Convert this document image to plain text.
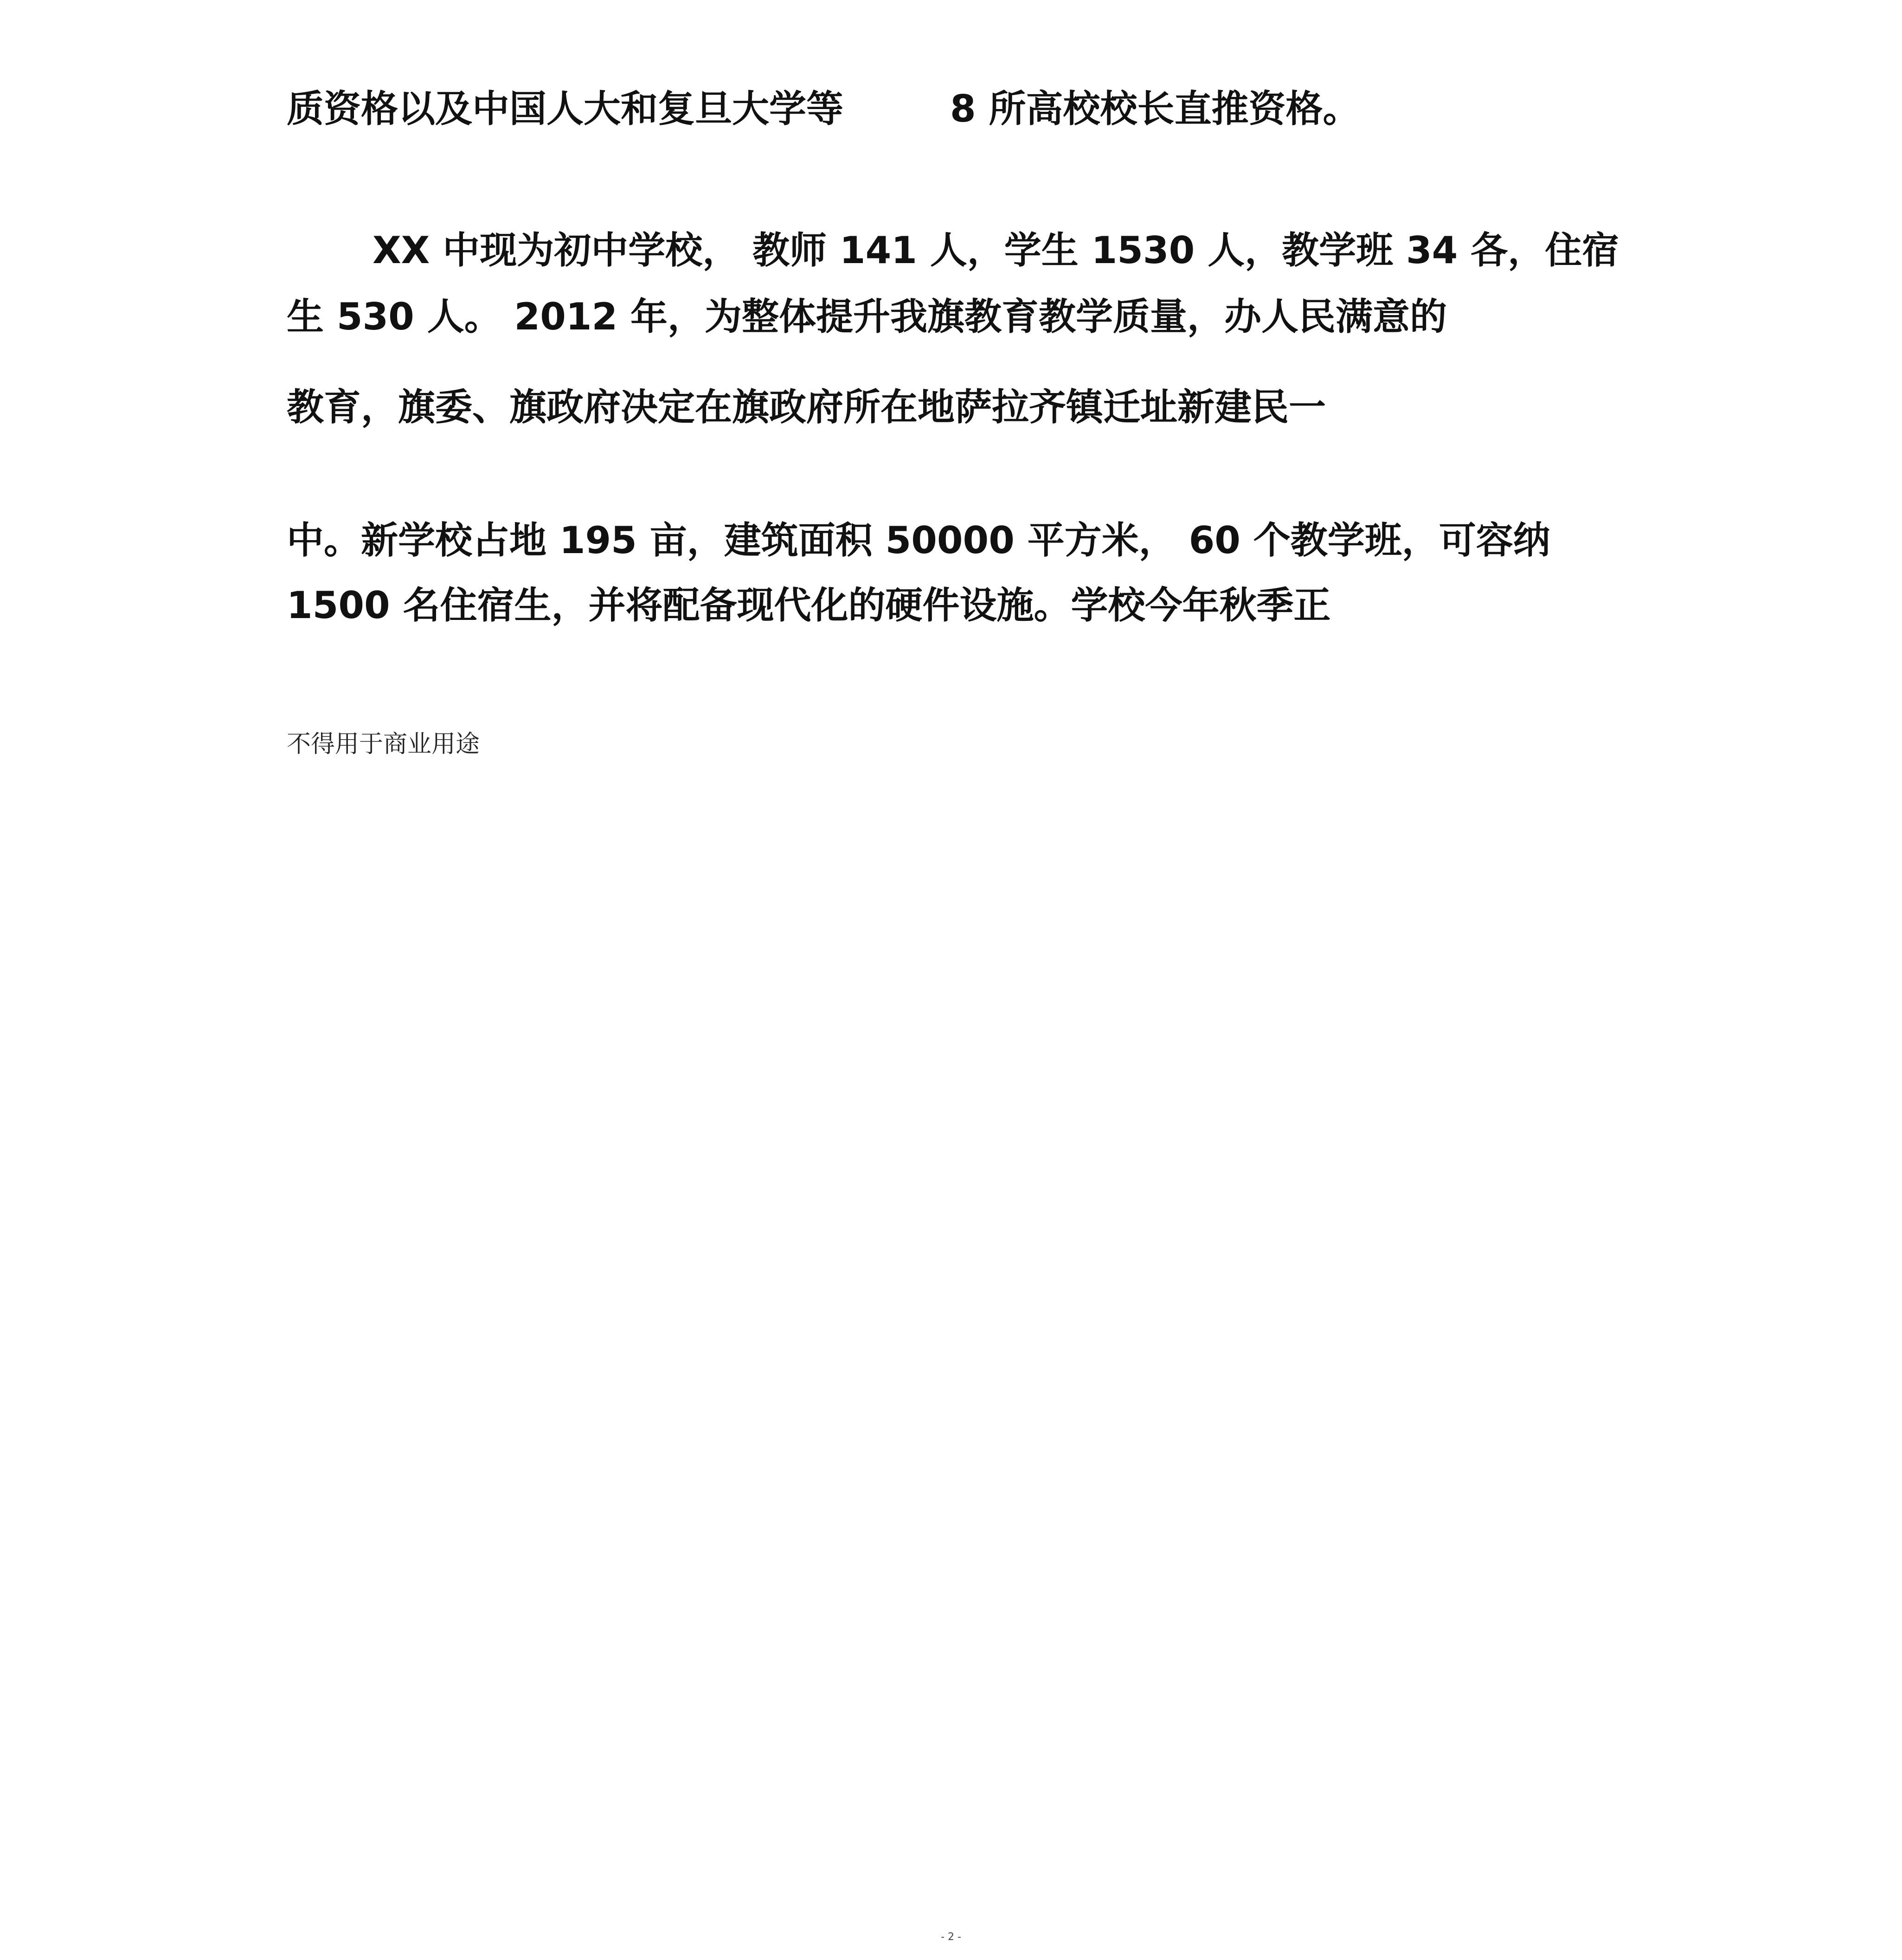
质资格以及中国人大和复旦大学等	8 所高校校长直推资格。
XX 中现为初中学校， 教师 141 人，学生 1530 人，教学班 34 各，住宿
生 530 人。 2012 年，为整体提升我旗教育教学质量，办人民满意的
教育，旗委、旗政府决定在旗政府所在地萨拉齐镇迁址新建民一
中。新学校占地 195 亩，建筑面积 50000 平方米， 60 个教学班，可容纳
1500 名住宿生，并将配备现代化的硬件设施。学校今年秋季正
不得用于商业用途
- 2 -
